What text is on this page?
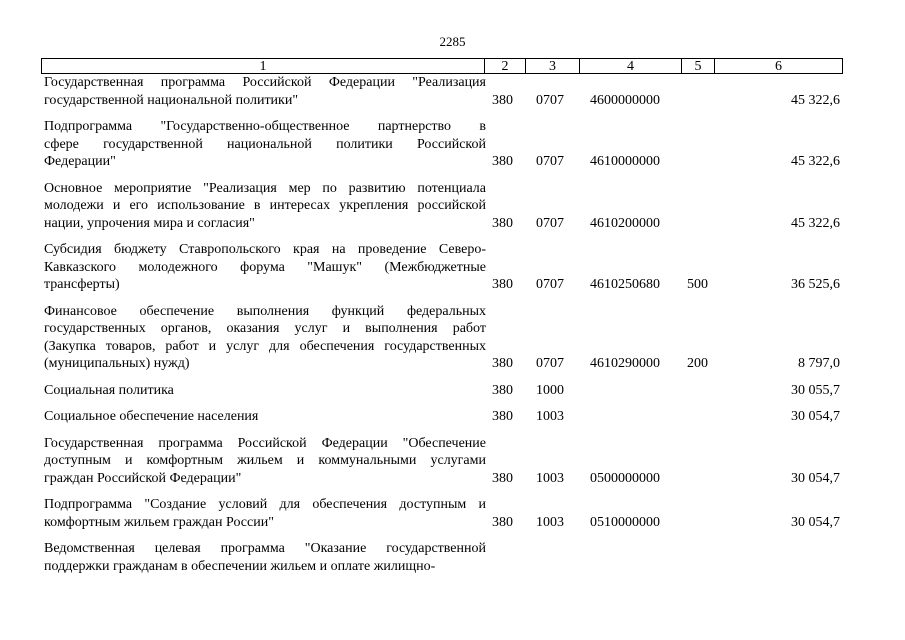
2285
1	2	3	4	5	6
Государственная программа Российской Федерации "Реализация
государственной национальной политики"	380 0707 4600000000	45 322,6
Подпрограмма "Государственно-общественное партнерство в
сфере государственной национальной политики Российской
Федерации"	380 0707 4610000000	45 322,6
Основное мероприятие "Реализация мер по развитию потенциала
молодежи и его использование в интересах укрепления российской
нации, упрочения мира и согласия"	380 0707 4610200000	45 322,6
Субсидия бюджету Ставропольского края на проведение Северо-
Кавказского молодежного форума "Машук" (Межбюджетные
трансферты)	380 0707 4610250680 500	36 525,6
Финансовое обеспечение выполнения функций федеральных
государственных органов, оказания услуг и выполнения работ
(Закупка товаров, работ и услуг для обеспечения государственных
(муниципальных) нужд)	380 0707 4610290000 200	8 797,0
Социальная политика	380 1000	30 055,7
Социальное обеспечение населения	380 1003	30 054,7
Государственная программа Российской Федерации "Обеспечение
доступным и комфортным жильем и коммунальными услугами
граждан Российской Федерации"	380 1003 0500000000	30 054,7
Подпрограмма "Создание условий для обеспечения доступным и
комфортным жильем граждан России"	380 1003 0510000000	30 054,7
Ведомственная целевая программа "Оказание государственной
поддержки гражданам в обеспечении жильем и оплате жилищно-
